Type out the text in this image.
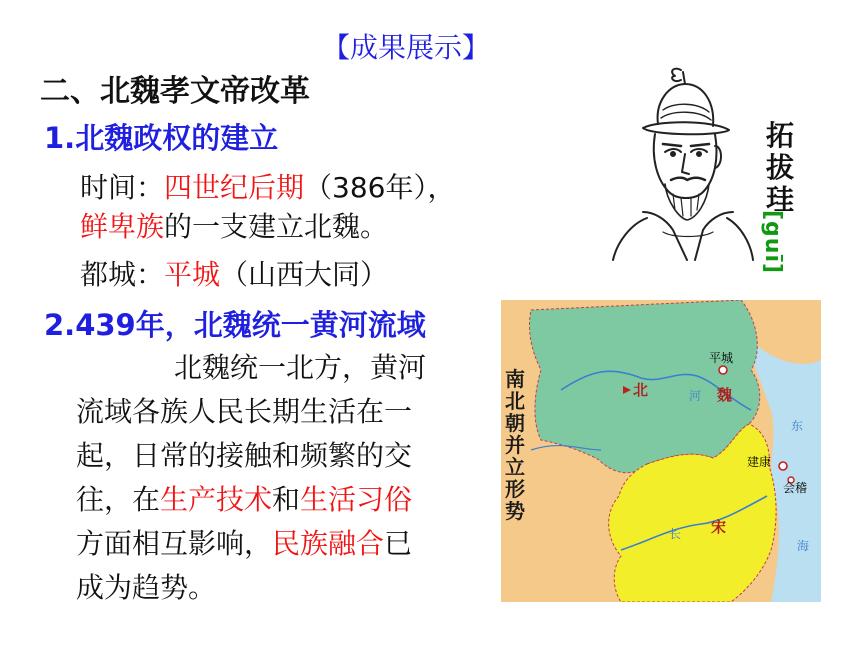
【成果展示】
二、北魏孝文帝改革
1.北魏政权的建立
时间：四世纪后期（386年），
鲜卑族的一支建立北魏。
都城：平城（山西大同）
2.439年，北魏统一黄河流域
北魏统一北方，黄河
流域各族人民长期生活在一
起，日常的接触和频繁的交
往，在生产技术和生活习俗
方面相互影响，民族融合已
成为趋势。
拓拔珪
[guī]
平城
北	魏
建康
会稽
宋
河
长
东
海
南北朝并立形势
